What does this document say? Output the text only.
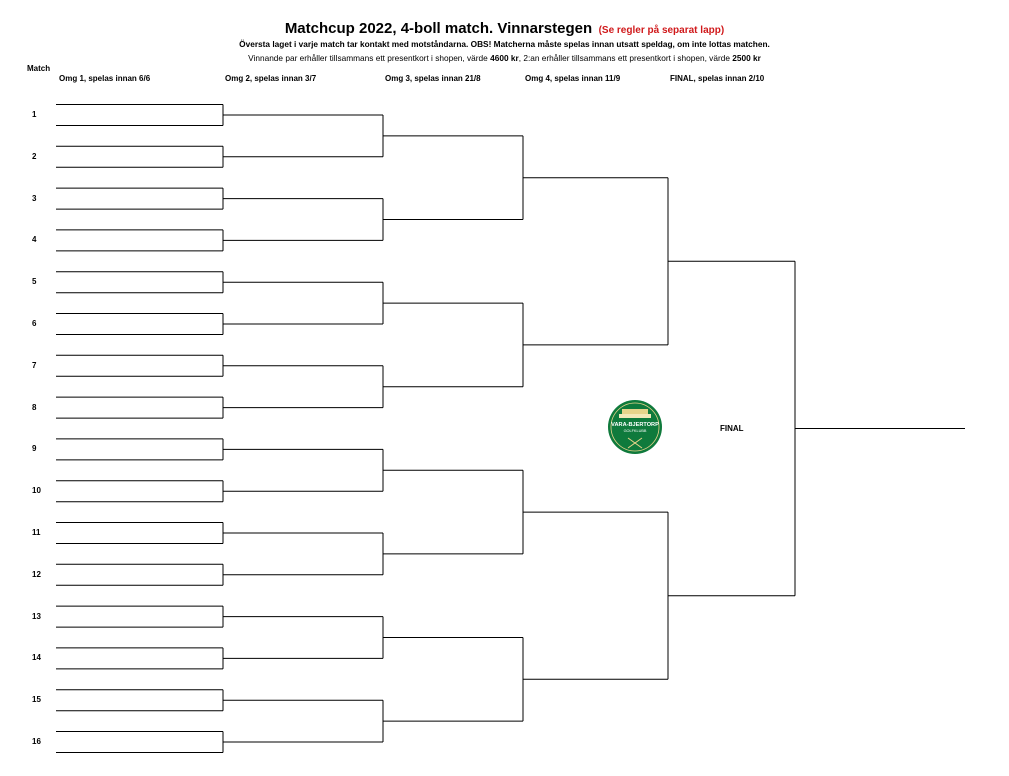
Matchcup 2022, 4-boll match. Vinnarstegen (Se regler på separat lapp)
Översta laget i varje match tar kontakt med motståndarna. OBS! Matcherna måste spelas innan utsatt speldag, om inte lottas matchen.
Vinnande par erhåller tillsammans ett presentkort i shopen, värde 4600 kr, 2:an erhåller tillsammans ett presentkort i shopen, värde 2500 kr
Match
Omg 1, spelas innan 6/6	Omg 2, spelas innan 3/7	Omg 3, spelas innan 21/8	Omg 4, spelas innan 11/9	FINAL, spelas innan 2/10
1
2
3
4
5
6
7
8
9
10
11
12
13
14
15
16
FINAL
VARA-BJERTORP
GOLFKLUBB
